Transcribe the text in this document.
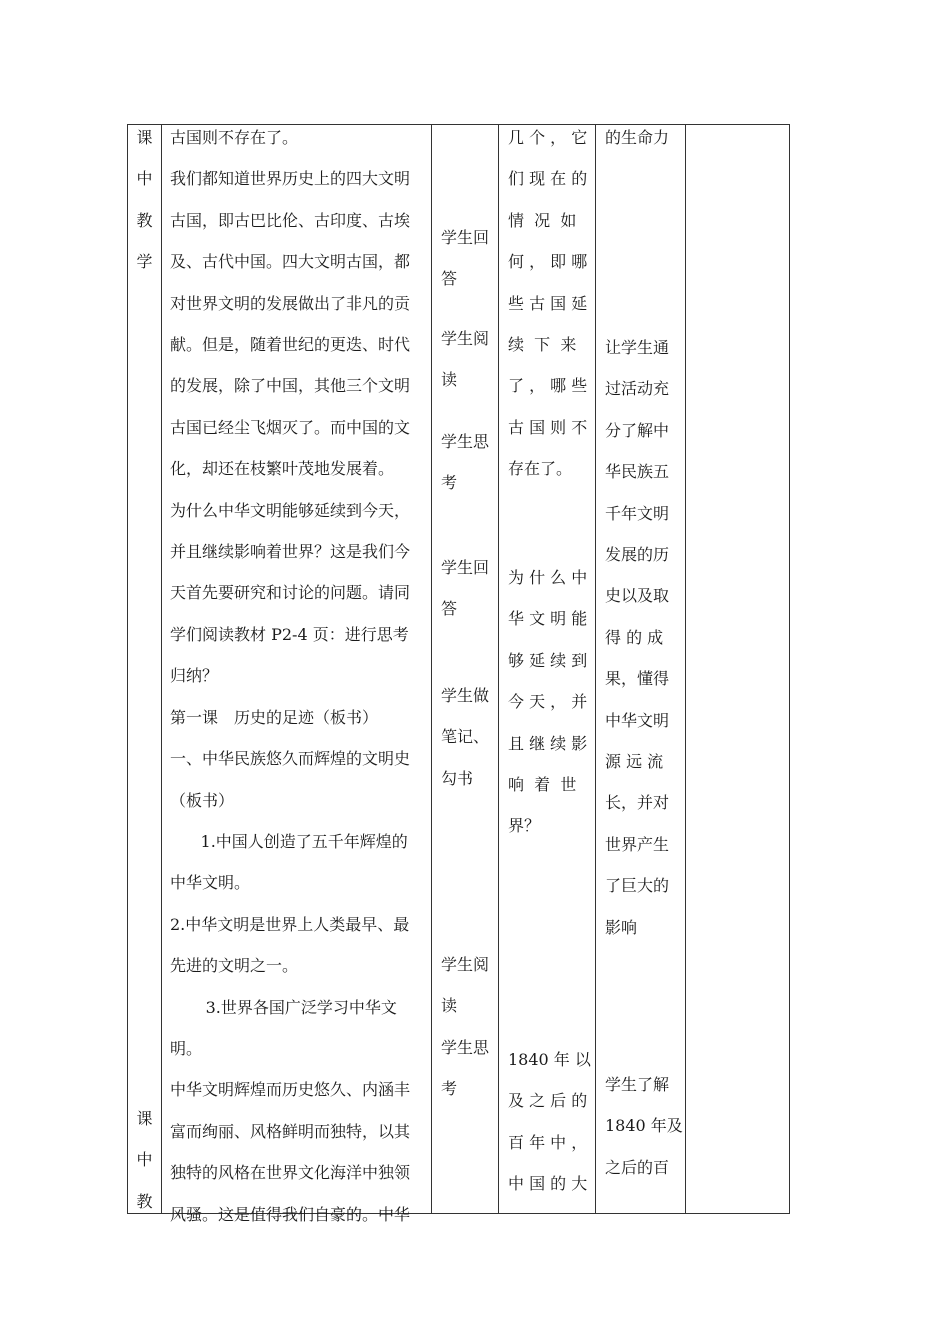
课
中
教
学
课
中
教
古国则不存在了。
我们都知道世界历史上的四大文明
古国，即古巴比伦、古印度、古埃
及、古代中国。四大文明古国，都
对世界文明的发展做出了非凡的贡
献。但是，随着世纪的更迭、时代
的发展，除了中国，其他三个文明
古国已经尘飞烟灭了。而中国的文
化，却还在枝繁叶茂地发展着。
为什么中华文明能够延续到今天，
并且继续影响着世界？这是我们今
天首先要研究和讨论的问题。请同
学们阅读教材 P2-4 页：进行思考
归纳？
第一课　历史的足迹（板书）
一、中华民族悠久而辉煌的文明史
（板书）
1.中国人创造了五千年辉煌的
中华文明。
2.中华文明是世界上人类最早、最
先进的文明之一。
3.世界各国广泛学习中华文
明。
中华文明辉煌而历史悠久、内涵丰
富而绚丽、风格鲜明而独特，以其
独特的风格在世界文化海洋中独领
风骚。这是值得我们自豪的。中华
学生回
答
学生阅
读
学生思
考
学生回
答
学生做
笔记、
勾书
学生阅
读
学生思
考
几 个 ， 它
们 现 在 的
情  况  如
何 ， 即 哪
些 古 国 延
续  下  来
了 ， 哪 些
古 国 则 不
存在了。
为 什 么 中
华 文 明 能
够 延 续 到
今 天 ， 并
且 继 续 影
响  着  世
界？
1840 年 以
及 之 后 的
百 年 中 ，
中 国 的 大
的生命力
让学生通
过活动充
分了解中
华民族五
千年文明
发展的历
史以及取
得 的 成
果，懂得
中华文明
源 远 流
长，并对
世界产生
了巨大的
影响
学生了解
1840 年及
之后的百
